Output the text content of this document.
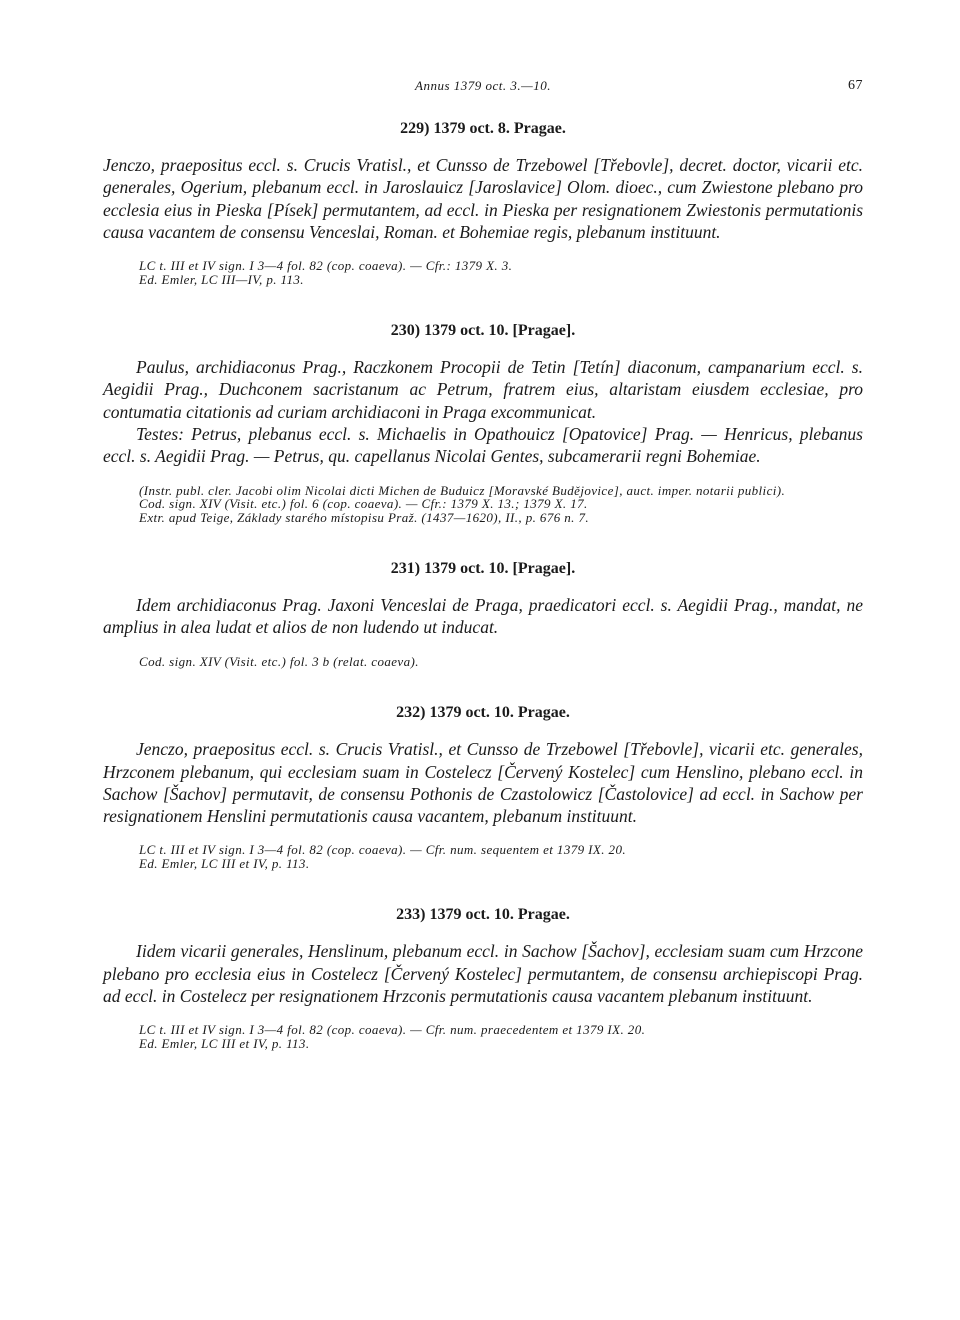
Annus 1379 oct. 3.—10.	67
229) 1379 oct. 8. Pragae.

Jenczo, praepositus eccl. s. Crucis Vratisl., et Cunsso de Trzebowel [Třebovle], decret. doctor, vicarii etc. generales, Ogerium, plebanum eccl. in Jaroslauicz [Jaroslavice] Olom. dioec., cum Zwiestone plebano pro ecclesia eius in Pieska [Písek] permutantem, ad eccl. in Pieska per resignationem Zwiestonis permutationis causa vacantem de consensu Venceslai, Roman. et Bohemiae regis, plebanum instituunt.

LC t. III et IV sign. I 3—4 fol. 82 (cop. coaeva). — Cfr.: 1379 X. 3.
Ed. Emler, LC III—IV, p. 113.
230) 1379 oct. 10. [Pragae].

Paulus, archidiaconus Prag., Raczkonem Procopii de Tetin [Tetín] diaconum, campanarium eccl. s. Aegidii Prag., Duchconem sacristanum ac Petrum, fratrem eius, altaristam eiusdem ecclesiae, pro contumatia citationis ad curiam archidiaconi in Praga excommunicat.

Testes: Petrus, plebanus eccl. s. Michaelis in Opathouicz [Opatovice] Prag. — Henricus, plebanus eccl. s. Aegidii Prag. — Petrus, qu. capellanus Nicolai Gentes, subcamerarii regni Bohemiae.

(Instr. publ. cler. Jacobi olim Nicolai dicti Michen de Buduicz [Moravské Budějovice], auct. imper. notarii publici).
Cod. sign. XIV (Visit. etc.) fol. 6 (cop. coaeva). — Cfr.: 1379 X. 13.; 1379 X. 17.
Extr. apud Teige, Základy starého místopisu Praž. (1437—1620), II., p. 676 n. 7.
231) 1379 oct. 10. [Pragae].

Idem archidiaconus Prag. Jaxoni Venceslai de Praga, praedicatori eccl. s. Aegidii Prag., mandat, ne amplius in alea ludat et alios de non ludendo ut inducat.

Cod. sign. XIV (Visit. etc.) fol. 3 b (relat. coaeva).
232) 1379 oct. 10. Pragae.

Jenczo, praepositus eccl. s. Crucis Vratisl., et Cunsso de Trzebowel [Třebovle], vicarii etc. generales, Hrzconem plebanum, qui ecclesiam suam in Costelecz [Červený Kostelec] cum Henslino, plebano eccl. in Sachow [Šachov] permutavit, de consensu Pothonis de Czastolowicz [Častolovice] ad eccl. in Sachow per resignationem Henslini permutationis causa vacantem, plebanum instituunt.

LC t. III et IV sign. I 3—4 fol. 82 (cop. coaeva). — Cfr. num. sequentem et 1379 IX. 20.
Ed. Emler, LC III et IV, p. 113.
233) 1379 oct. 10. Pragae.

Iidem vicarii generales, Henslinum, plebanum eccl. in Sachow [Šachov], ecclesiam suam cum Hrzcone plebano pro ecclesia eius in Costelecz [Červený Kostelec] permutantem, de consensu archiepiscopi Prag. ad eccl. in Costelecz per resignationem Hrzconis permutationis causa vacantem plebanum instituunt.

LC t. III et IV sign. I 3—4 fol. 82 (cop. coaeva). — Cfr. num. praecedentem et 1379 IX. 20.
Ed. Emler, LC III et IV, p. 113.
